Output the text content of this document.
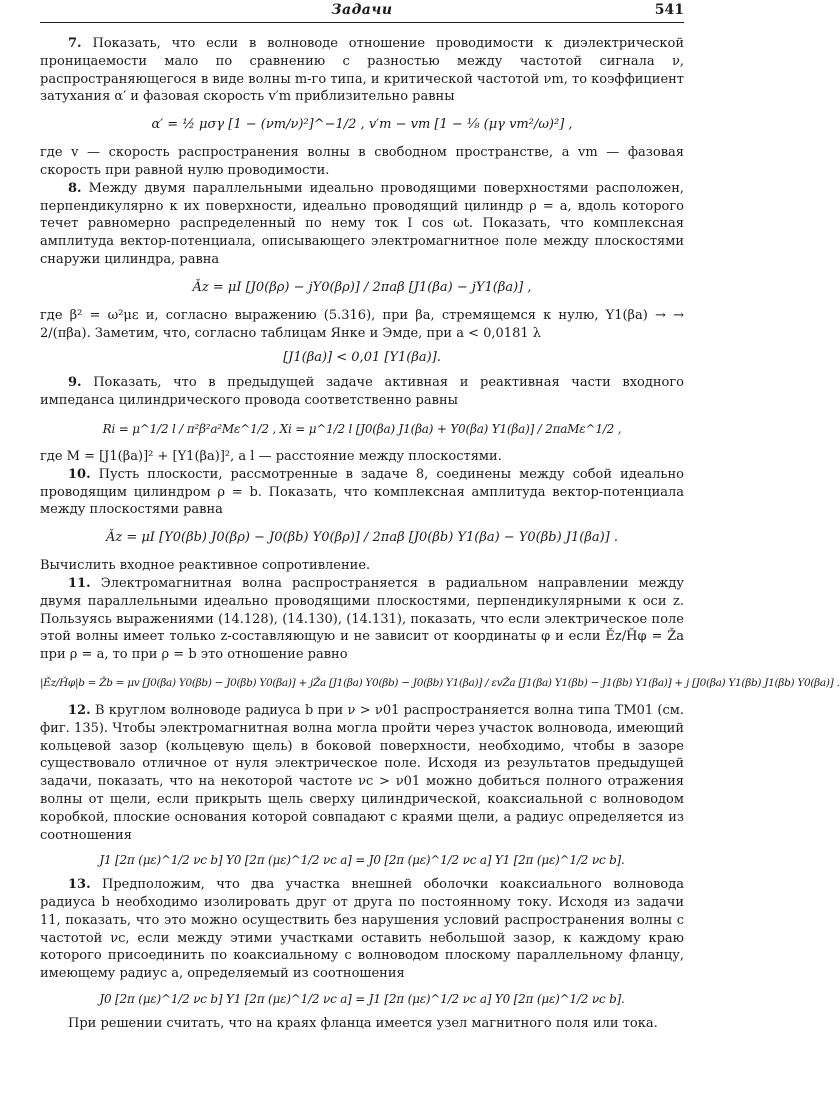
Задачи	541

7. Показать, что если в волноводе отношение проводимости к диэлектрической проницаемости мало по сравнению с разностью между частотой сигнала ν, распространяющегося в виде волны m-го типа, и критической частотой νm, то коэффициент затухания α′ и фазовая скорость v′m приблизительно равны

α′ = ½ μσγ [1 − (νm/ν)²]^−1/2 , v′m − vm [1 − ⅛ (μγ vm²/ω)²] ,

где v — скорость распространения волны в свободном пространстве, а vm — фазовая скорость при равной нулю проводимости.

8. Между двумя параллельными идеально проводящими поверхностями расположен, перпендикулярно к их поверхности, идеально проводящий цилиндр ρ = a, вдоль которого течет равномерно распределенный по нему ток I cos ωt. Показать, что комплексная амплитуда вектор-потенциала, описывающего электромагнитное поле между плоскостями снаружи цилиндра, равна

Ǎz = μI [J0(βρ) − jY0(βρ)] / 2πaβ [J1(βa) − jY1(βa)] ,

где β² = ω²με и, согласно выражению (5.316), при βa, стремящемся к нулю, Y1(βa) → → 2/(πβa). Заметим, что, согласно таблицам Янке и Эмде, при a < 0,0181 λ

[J1(βa)] < 0,01 [Y1(βa)].

9. Показать, что в предыдущей задаче активная и реактивная части входного импеданса цилиндрического провода соответственно равны

Ri = μ^1/2 l / π²β²a²Mε^1/2 , Xi = μ^1/2 l [J0(βa) J1(βa) + Y0(βa) Y1(βa)] / 2πaMε^1/2 ,

где M = [J1(βa)]² + [Y1(βa)]², а l — расстояние между плоскостями.

10. Пусть плоскости, рассмотренные в задаче 8, соединены между собой идеально проводящим цилиндром ρ = b. Показать, что комплексная амплитуда вектор-потенциала между плоскостями равна

Ǎz = μI [Y0(βb) J0(βρ) − J0(βb) Y0(βρ)] / 2πaβ [J0(βb) Y1(βa) − Y0(βb) J1(βa)] .

Вычислить входное реактивное сопротивление.

11. Электромагнитная волна распространяется в радиальном направлении между двумя параллельными идеально проводящими плоскостями, перпендикулярными к оси z. Пользуясь выражениями (14.128), (14.130), (14.131), показать, что если электрическое поле этой волны имеет только z-составляющую и не зависит от координаты φ и если Ěz/Ȟφ = Ža при ρ = a, то при ρ = b это отношение равно

|Ěz/Ȟφ|b = Žb = μv [J0(βa) Y0(βb) − J0(βb) Y0(βa)] + jŽa [J1(βa) Y0(βb) − J0(βb) Y1(βa)] / εvŽa [J1(βa) Y1(βb) − J1(βb) Y1(βa)] + j [J0(βa) Y1(βb) J1(βb) Y0(βa)] .

12. В круглом волноводе радиуса b при ν > ν01 распространяется волна типа TM01 (см. фиг. 135). Чтобы электромагнитная волна могла пройти через участок волновода, имеющий кольцевой зазор (кольцевую щель) в боковой поверхности, необходимо, чтобы в зазоре существовало отличное от нуля электрическое поле. Исходя из результатов предыдущей задачи, показать, что на некоторой частоте νc > ν01 можно добиться полного отражения волны от щели, если прикрыть щель сверху цилиндрической, коаксиальной с волноводом коробкой, плоские основания которой совпадают с краями щели, а радиус определяется из соотношения

J1 [2π (με)^1/2 νc b] Y0 [2π (με)^1/2 νc a] = J0 [2π (με)^1/2 νc a] Y1 [2π (με)^1/2 νc b].

13. Предположим, что два участка внешней оболочки коаксиального волновода радиуса b необходимо изолировать друг от друга по постоянному току. Исходя из задачи 11, показать, что это можно осуществить без нарушения условий распространения волны с частотой νc, если между этими участками оставить небольшой зазор, к каждому краю которого присоединить по коаксиальному с волноводом плоскому параллельному фланцу, имеющему радиус a, определяемый из соотношения

J0 [2π (με)^1/2 νc b] Y1 [2π (με)^1/2 νc a] = J1 [2π (με)^1/2 νc a] Y0 [2π (με)^1/2 νc b].

При решении считать, что на краях фланца имеется узел магнитного поля или тока.
